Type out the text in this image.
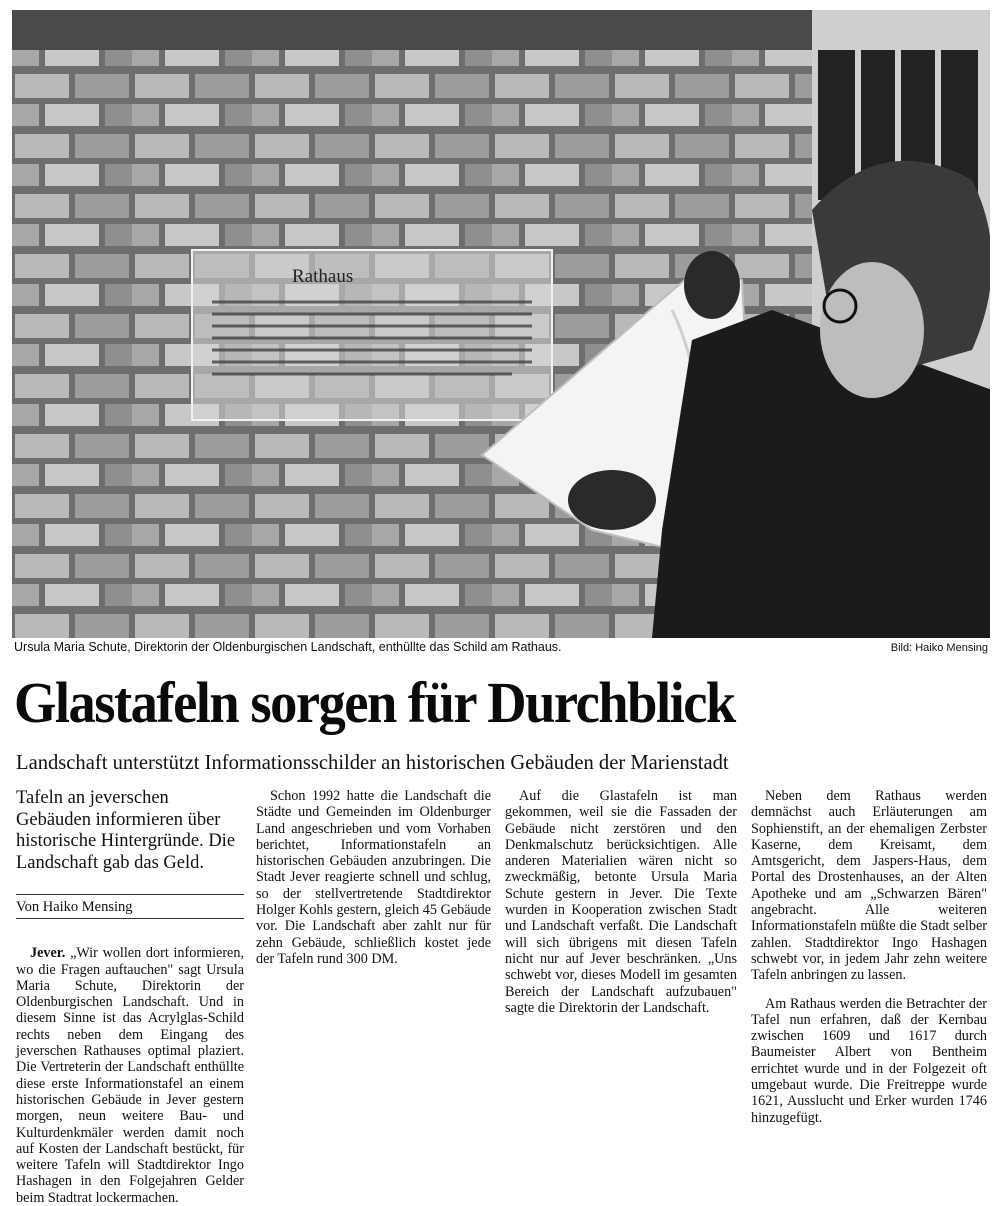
Rathaus
Ursula Maria Schute, Direktorin der Oldenburgischen Landschaft, enthüllte das Schild am Rathaus.	Bild: Haiko Mensing
Glastafeln sorgen für Durchblick
Landschaft unterstützt Informationsschilder an historischen Gebäuden der Marienstadt
Tafeln an jeverschen Gebäuden informieren über historische Hintergründe. Die Landschaft gab das Geld.
Von Haiko Mensing

Jever. „Wir wollen dort informieren, wo die Fragen auftauchen" sagt Ursula Maria Schute, Direktorin der Oldenburgischen Landschaft. Und in diesem Sinne ist das Acrylglas-Schild rechts neben dem Eingang des jeverschen Rathauses optimal plaziert. Die Vertreterin der Landschaft enthüllte diese erste Informationstafel an einem historischen Gebäude in Jever gestern morgen, neun weitere Bau- und Kulturdenkmäler werden damit noch auf Kosten der Landschaft bestückt, für weitere Tafeln will Stadtdirektor Ingo Hashagen in den Folgejahren Gelder beim Stadtrat lockermachen.

Schon 1992 hatte die Landschaft die Städte und Gemeinden im Oldenburger Land angeschrieben und vom Vorhaben berichtet, Informationstafeln an historischen Gebäuden anzubringen. Die Stadt Jever reagierte schnell und schlug, so der stellvertretende Stadtdirektor Holger Kohls gestern, gleich 45 Gebäude vor. Die Landschaft aber zahlt nur für zehn Gebäude, schließlich kostet jede der Tafeln rund 300 DM.

Auf die Glastafeln ist man gekommen, weil sie die Fassaden der Gebäude nicht zerstören und den Denkmalschutz berücksichtigen. Alle anderen Materialien wären nicht so zweckmäßig, betonte Ursula Maria Schute gestern in Jever. Die Texte wurden in Kooperation zwischen Stadt und Landschaft verfaßt. Die Landschaft will sich übrigens mit diesen Tafeln nicht nur auf Jever beschränken. „Uns schwebt vor, dieses Modell im gesamten Bereich der Landschaft aufzubauen" sagte die Direktorin der Landschaft.

Neben dem Rathaus werden demnächst auch Erläuterungen am Sophienstift, an der ehemaligen Zerbster Kaserne, dem Kreisamt, dem Amtsgericht, dem Jaspers-Haus, dem Portal des Drostenhauses, an der Alten Apotheke und am „Schwarzen Bären" angebracht. Alle weiteren Informationstafeln müßte die Stadt selber zahlen. Stadtdirektor Ingo Hashagen schwebt vor, in jedem Jahr zehn weitere Tafeln anbringen zu lassen.

Am Rathaus werden die Betrachter der Tafel nun erfahren, daß der Kernbau zwischen 1609 und 1617 durch Baumeister Albert von Bentheim errichtet wurde und in der Folgezeit oft umgebaut wurde. Die Freitreppe wurde 1621, Ausslucht und Erker wurden 1746 hinzugefügt.
